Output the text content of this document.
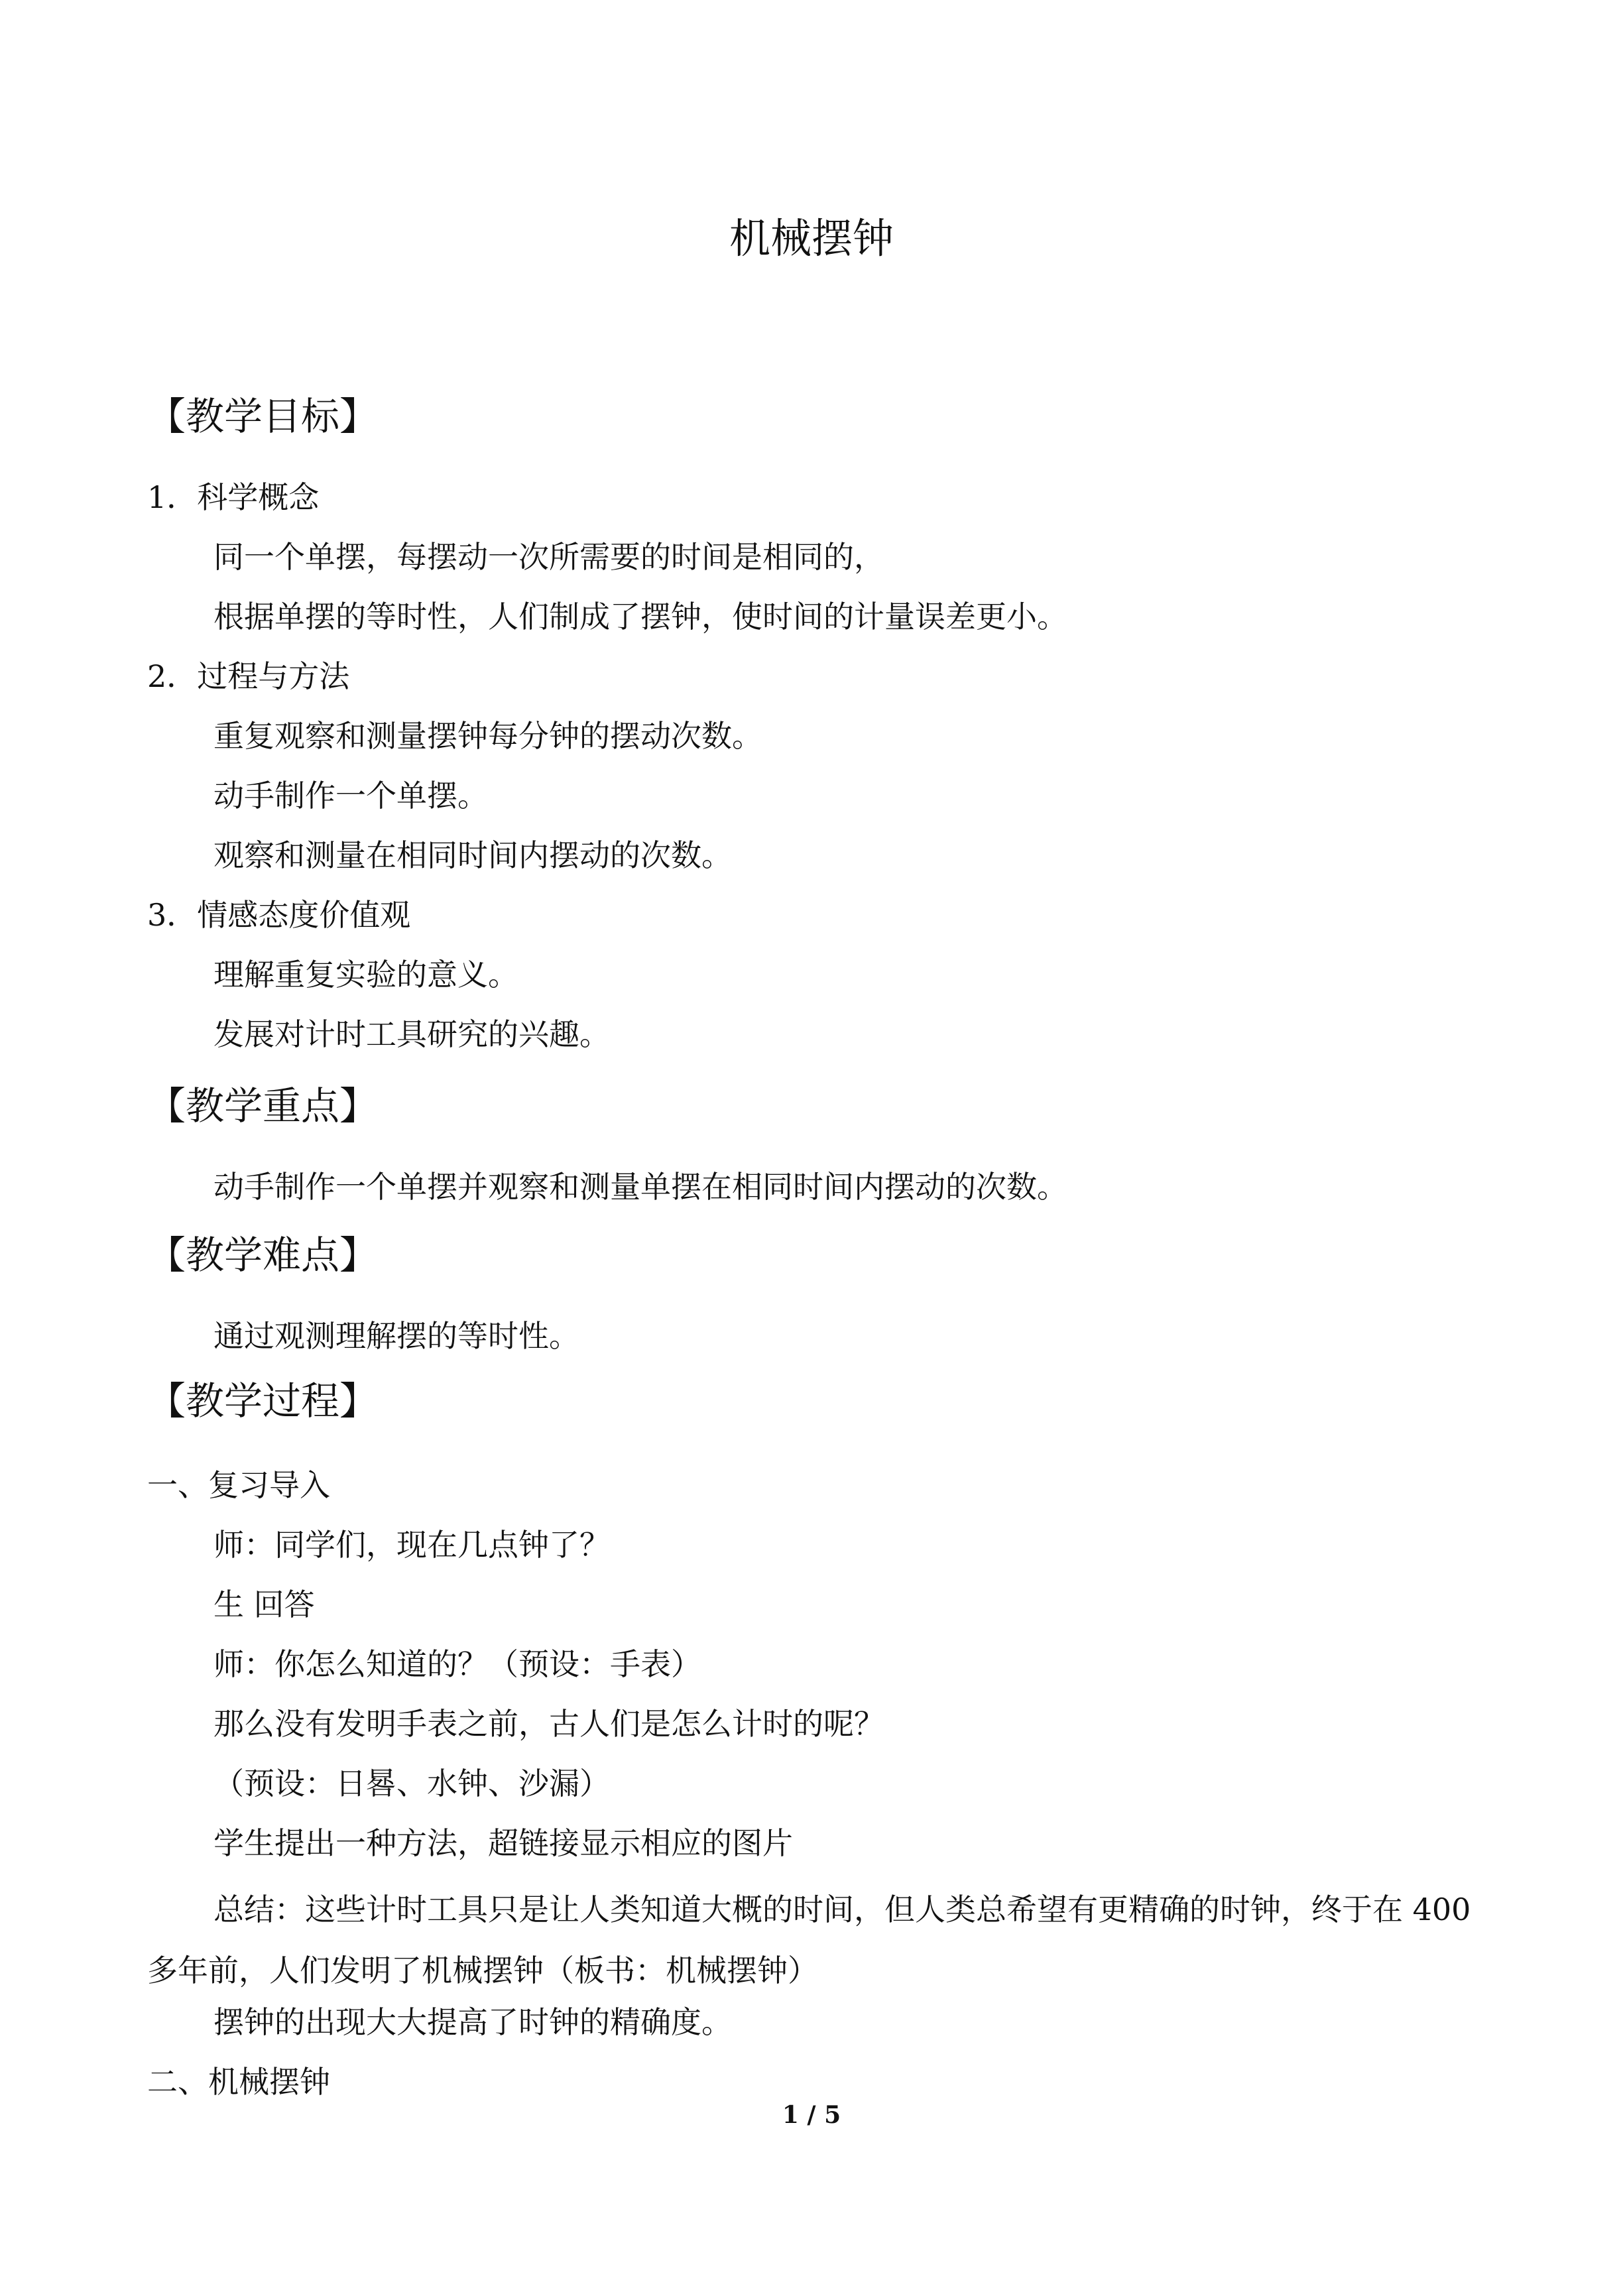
机械摆钟
【教学目标】
1．科学概念
同一个单摆，每摆动一次所需要的时间是相同的，
根据单摆的等时性，人们制成了摆钟，使时间的计量误差更小。
2．过程与方法
重复观察和测量摆钟每分钟的摆动次数。
动手制作一个单摆。
观察和测量在相同时间内摆动的次数。
3．情感态度价值观
理解重复实验的意义。
发展对计时工具研究的兴趣。
【教学重点】
动手制作一个单摆并观察和测量单摆在相同时间内摆动的次数。
【教学难点】
通过观测理解摆的等时性。
【教学过程】
一、复习导入
师：同学们，现在几点钟了？
生 回答
师：你怎么知道的？（预设：手表）
那么没有发明手表之前，古人们是怎么计时的呢？
（预设：日晷、水钟、沙漏）
学生提出一种方法，超链接显示相应的图片
总结：这些计时工具只是让人类知道大概的时间，但人类总希望有更精确的时钟，终于在 400 多年前，人们发明了机械摆钟（板书：机械摆钟）
摆钟的出现大大提高了时钟的精确度。
二、机械摆钟
1 / 5
